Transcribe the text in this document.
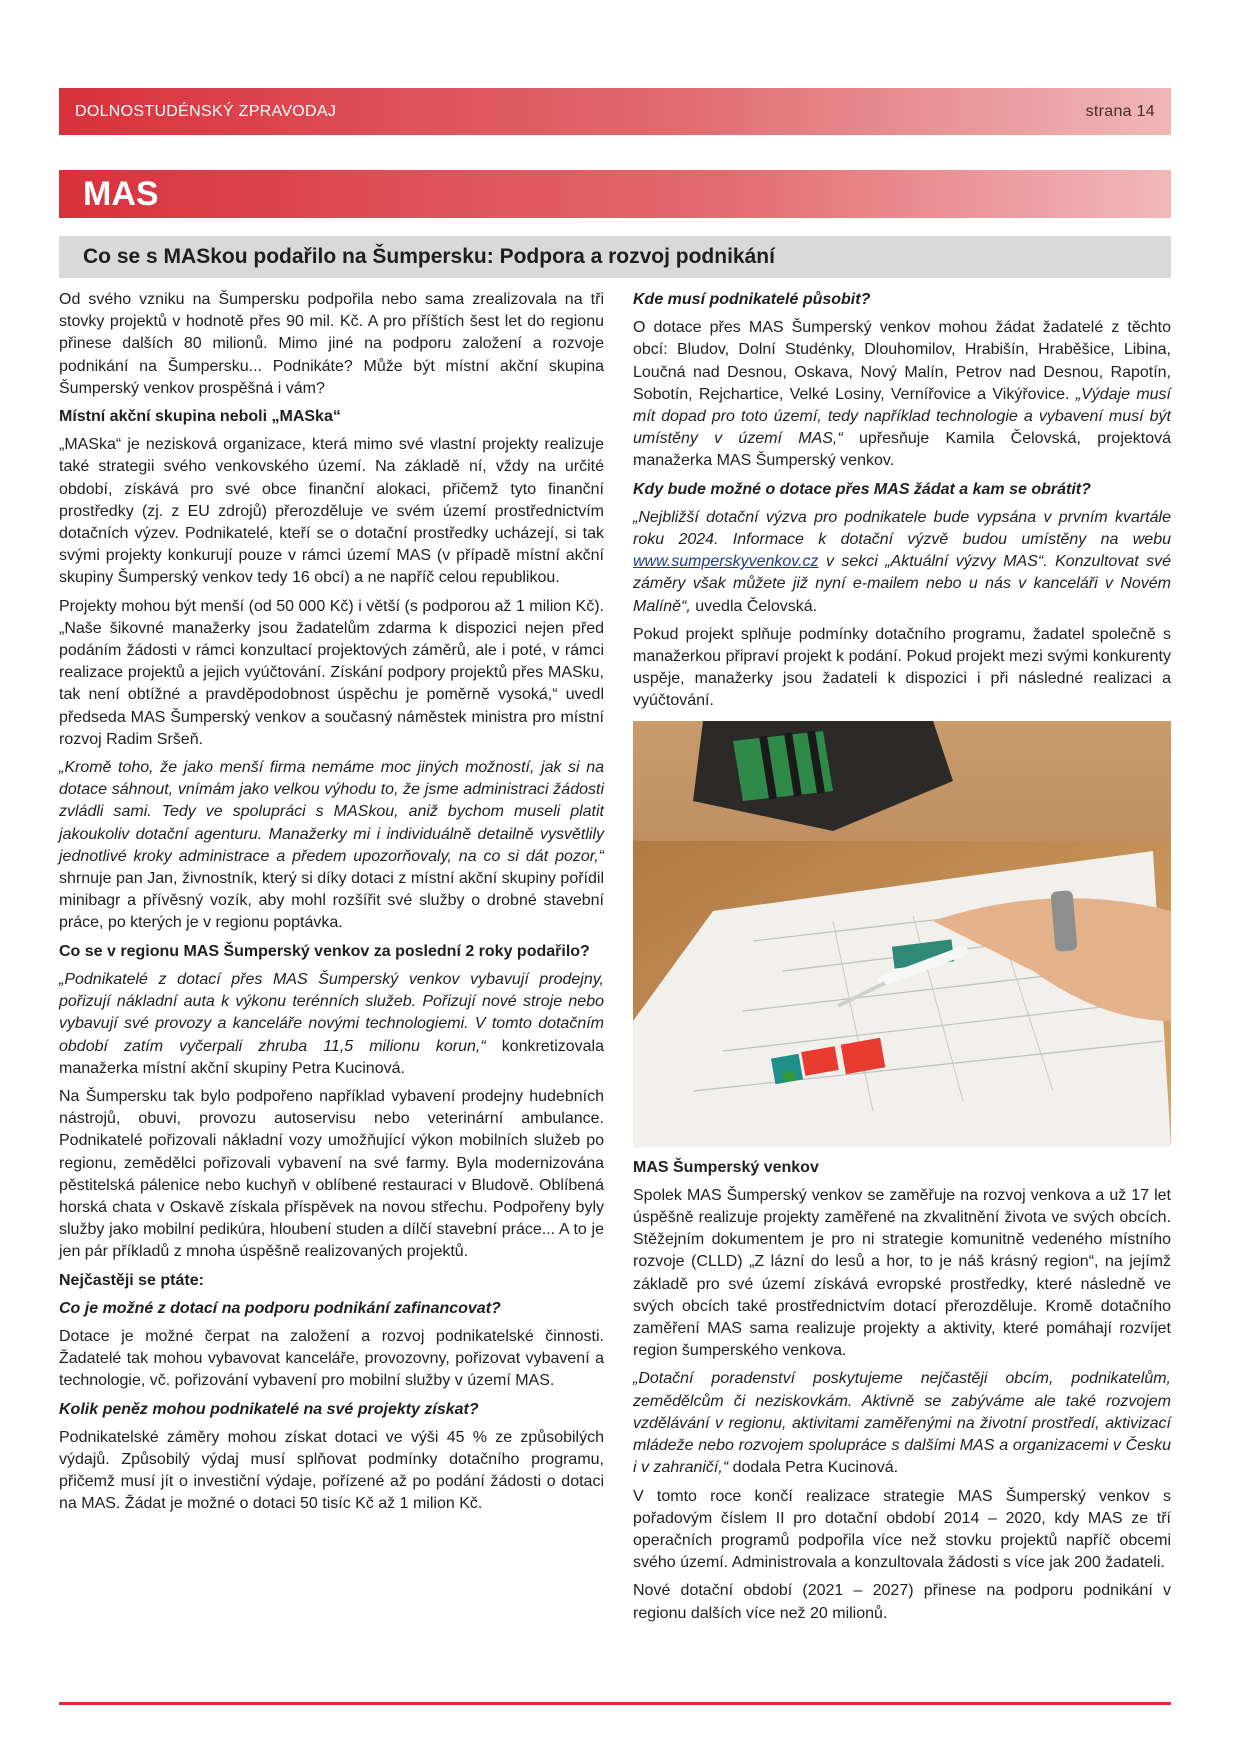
DOLNOSTUDÉNSKÝ ZPRAVODAJ	strana 14
MAS
Co se s MASkou podařilo na Šumpersku: Podpora a rozvoj podnikání

Od svého vzniku na Šumpersku podpořila nebo sama zrealizovala na tři stovky projektů v hodnotě přes 90 mil. Kč. A pro příštích šest let do regionu přinese dalších 80 milionů. Mimo jiné na podporu založení a rozvoje podnikání na Šumpersku... Podnikáte? Může být místní akční skupina Šumperský venkov prospěšná i vám?

Místní akční skupina neboli „MASka“

„MASka“ je nezisková organizace, která mimo své vlastní projekty realizuje také strategii svého venkovského území. Na základě ní, vždy na určité období, získává pro své obce finanční alokaci, přičemž tyto finanční prostředky (zj. z EU zdrojů) přerozděluje ve svém území prostřednictvím dotačních výzev. Podnikatelé, kteří se o dotační prostředky ucházejí, si tak svými projekty konkurují pouze v rámci území MAS (v případě místní akční skupiny Šumperský venkov tedy 16 obcí) a ne napříč celou republikou.

Projekty mohou být menší (od 50 000 Kč) i větší (s podporou až 1 milion Kč). „Naše šikovné manažerky jsou žadatelům zdarma k dispozici nejen před podáním žádosti v rámci konzultací projektových záměrů, ale i poté, v rámci realizace projektů a jejich vyúčtování. Získání podpory projektů přes MASku, tak není obtížné a pravděpodobnost úspěchu je poměrně vysoká,“ uvedl předseda MAS Šumperský venkov a současný náměstek ministra pro místní rozvoj Radim Sršeň.

„Kromě toho, že jako menší firma nemáme moc jiných možností, jak si na dotace sáhnout, vnímám jako velkou výhodu to, že jsme administraci žádosti zvládli sami. Tedy ve spolupráci s MASkou, aniž bychom museli platit jakoukoliv dotační agenturu. Manažerky mi i individuálně detailně vysvětlily jednotlivé kroky administrace a předem upozorňovaly, na co si dát pozor,“ shrnuje pan Jan, živnostník, který si díky dotaci z místní akční skupiny pořídil minibagr a přívěsný vozík, aby mohl rozšířit své služby o drobné stavební práce, po kterých je v regionu poptávka.

Co se v regionu MAS Šumperský venkov za poslední 2 roky podařilo?

„Podnikatelé z dotací přes MAS Šumperský venkov vybavují prodejny, pořizují nákladní auta k výkonu terénních služeb. Pořizují nové stroje nebo vybavují své provozy a kanceláře novými technologiemi. V tomto dotačním období zatím vyčerpali zhruba 11,5 milionu korun,“ konkretizovala manažerka místní akční skupiny Petra Kucinová.

Na Šumpersku tak bylo podpořeno například vybavení prodejny hudebních nástrojů, obuvi, provozu autoservisu nebo veterinární ambulance. Podnikatelé pořizovali nákladní vozy umožňující výkon mobilních služeb po regionu, zemědělci pořizovali vybavení na své farmy. Byla modernizována pěstitelská pálenice nebo kuchyň v oblíbené restauraci v Bludově. Oblíbená horská chata v Oskavě získala příspěvek na novou střechu. Podpořeny byly služby jako mobilní pedikúra, hloubení studen a dílčí stavební práce... A to je jen pár příkladů z mnoha úspěšně realizovaných projektů.

Nejčastěji se ptáte:
Co je možné z dotací na podporu podnikání zafinancovat?

Dotace je možné čerpat na založení a rozvoj podnikatelské činnosti. Žadatelé tak mohou vybavovat kanceláře, provozovny, pořizovat vybavení a technologie, vč. pořizování vybavení pro mobilní služby v území MAS.

Kolik peněz mohou podnikatelé na své projekty získat?

Podnikatelské záměry mohou získat dotaci ve výši 45 % ze způsobilých výdajů. Způsobilý výdaj musí splňovat podmínky dotačního programu, přičemž musí jít o investiční výdaje, pořízené až po podání žádosti o dotaci na MAS. Žádat je možné o dotaci 50 tisíc Kč až 1 milion Kč.

Kde musí podnikatelé působit?

O dotace přes MAS Šumperský venkov mohou žádat žadatelé z těchto obcí: Bludov, Dolní Studénky, Dlouhomilov, Hrabišín, Hraběšice, Libina, Loučná nad Desnou, Oskava, Nový Malín, Petrov nad Desnou, Rapotín, Sobotín, Rejchartice, Velké Losiny, Vernířovice a Vikýřovice. „Výdaje musí mít dopad pro toto území, tedy například technologie a vybavení musí být umístěny v území MAS,“ upřesňuje Kamila Čelovská, projektová manažerka MAS Šumperský venkov.

Kdy bude možné o dotace přes MAS žádat a kam se obrátit?

„Nejbližší dotační výzva pro podnikatele bude vypsána v prvním kvartále roku 2024. Informace k dotační výzvě budou umístěny na webu www.sumperskyvenkov.cz v sekci „Aktuální výzvy MAS“. Konzultovat své záměry však můžete již nyní e-mailem nebo u nás v kanceláři v Novém Malíně“, uvedla Čelovská.

Pokud projekt splňuje podmínky dotačního programu, žadatel společně s manažerkou připraví projekt k podání. Pokud projekt mezi svými konkurenty uspěje, manažerky jsou žadateli k dispozici i při následné realizaci a vyúčtování.

MAS Šumperský venkov

Spolek MAS Šumperský venkov se zaměřuje na rozvoj venkova a už 17 let úspěšně realizuje projekty zaměřené na zkvalitnění života ve svých obcích. Stěžejním dokumentem je pro ni strategie komunitně vedeného místního rozvoje (CLLD) „Z lázní do lesů a hor, to je náš krásný region“, na jejímž základě pro své území získává evropské prostředky, které následně ve svých obcích také prostřednictvím dotací přerozděluje. Kromě dotačního zaměření MAS sama realizuje projekty a aktivity, které pomáhají rozvíjet region šumperského venkova.

„Dotační poradenství poskytujeme nejčastěji obcím, podnikatelům, zemědělcům či neziskovkám. Aktivně se zabýváme ale také rozvojem vzdělávání v regionu, aktivitami zaměřenými na životní prostředí, aktivizací mládeže nebo rozvojem spolupráce s dalšími MAS a organizacemi v Česku i v zahraničí,“ dodala Petra Kucinová.

V tomto roce končí realizace strategie MAS Šumperský venkov s pořadovým číslem II pro dotační období 2014 – 2020, kdy MAS ze tří operačních programů podpořila více než stovku projektů napříč obcemi svého území. Administrovala a konzultovala žádosti s více jak 200 žadateli.

Nové dotační období (2021 – 2027) přinese na podporu podnikání v regionu dalších více než 20 milionů.
